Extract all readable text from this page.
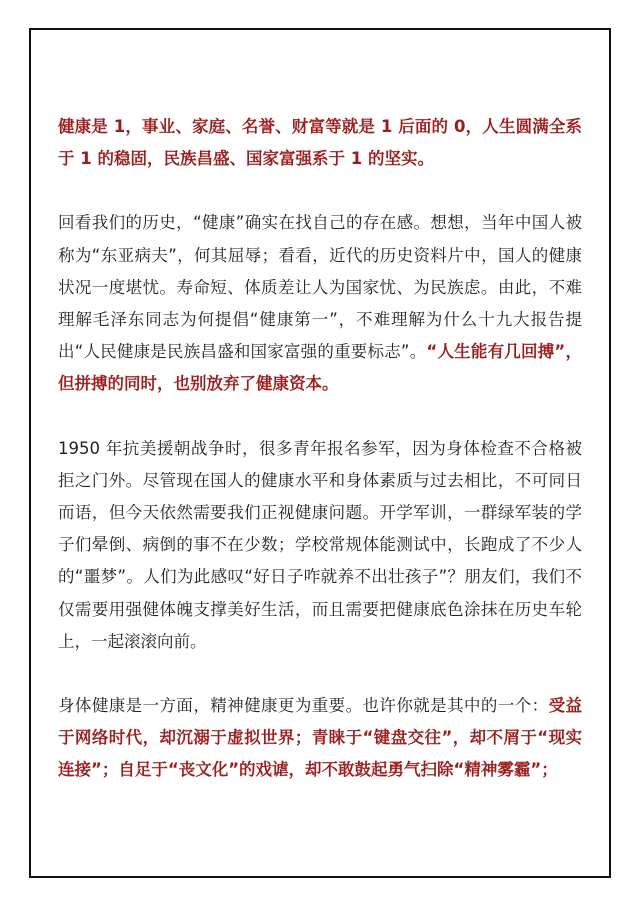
健康是 1，事业、家庭、名誉、财富等就是 1 后面的 0，人生圆满全系于 1 的稳固，民族昌盛、国家富强系于 1 的坚实。

回看我们的历史，“健康”确实在找自己的存在感。想想，当年中国人被称为“东亚病夫”，何其屈辱；看看，近代的历史资料片中，国人的健康状况一度堪忧。寿命短、体质差让人为国家忧、为民族虑。由此，不难理解毛泽东同志为何提倡“健康第一”，不难理解为什么十九大报告提出“人民健康是民族昌盛和国家富强的重要标志”。“人生能有几回搏”，但拼搏的同时，也别放弃了健康资本。

1950 年抗美援朝战争时，很多青年报名参军，因为身体检查不合格被拒之门外。尽管现在国人的健康水平和身体素质与过去相比，不可同日而语，但今天依然需要我们正视健康问题。开学军训，一群绿军装的学子们晕倒、病倒的事不在少数；学校常规体能测试中，长跑成了不少人的“噩梦”。人们为此感叹“好日子咋就养不出壮孩子”？朋友们，我们不仅需要用强健体魄支撑美好生活，而且需要把健康底色涂抹在历史车轮上，一起滚滚向前。

身体健康是一方面，精神健康更为重要。也许你就是其中的一个：受益于网络时代，却沉溺于虚拟世界；青睐于“键盘交往”，却不屑于“现实连接”；自足于“丧文化”的戏谑，却不敢鼓起勇气扫除“精神雾霾”；
